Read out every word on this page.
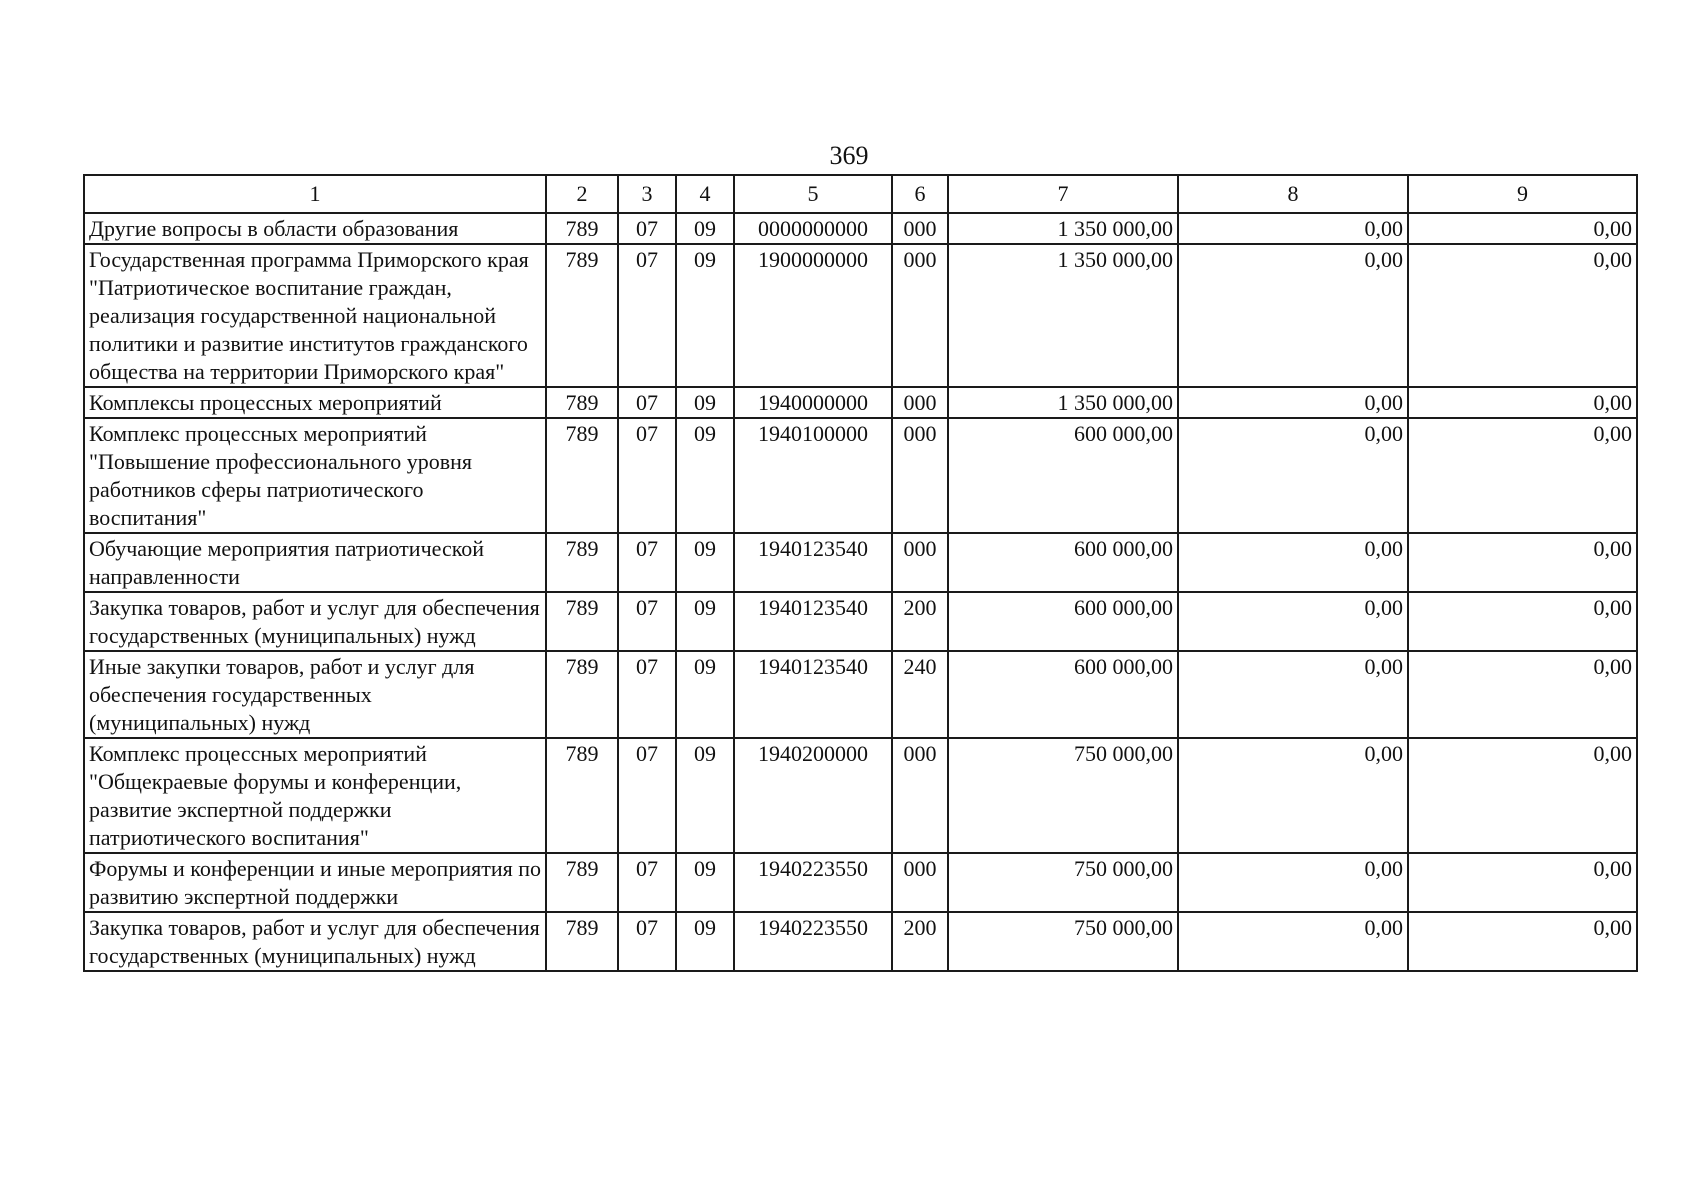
369
1	2	3	4	5	6	7	8	9
Другие вопросы в области образования	789	07	09	0000000000	000	1 350 000,00	0,00	0,00
Государственная программа Приморского края "Патриотическое воспитание граждан, реализация государственной национальной политики и развитие институтов гражданского общества на территории Приморского края"	789	07	09	1900000000	000	1 350 000,00	0,00	0,00
Комплексы процессных мероприятий	789	07	09	1940000000	000	1 350 000,00	0,00	0,00
Комплекс процессных мероприятий "Повышение профессионального уровня работников сферы патриотического воспитания"	789	07	09	1940100000	000	600 000,00	0,00	0,00
Обучающие мероприятия патриотической направленности	789	07	09	1940123540	000	600 000,00	0,00	0,00
Закупка товаров, работ и услуг для обеспечения государственных (муниципальных) нужд	789	07	09	1940123540	200	600 000,00	0,00	0,00
Иные закупки товаров, работ и услуг для обеспечения государственных (муниципальных) нужд	789	07	09	1940123540	240	600 000,00	0,00	0,00
Комплекс процессных мероприятий "Общекраевые форумы и конференции, развитие экспертной поддержки патриотического воспитания"	789	07	09	1940200000	000	750 000,00	0,00	0,00
Форумы и конференции и иные мероприятия по развитию экспертной поддержки	789	07	09	1940223550	000	750 000,00	0,00	0,00
Закупка товаров, работ и услуг для обеспечения государственных (муниципальных) нужд	789	07	09	1940223550	200	750 000,00	0,00	0,00
